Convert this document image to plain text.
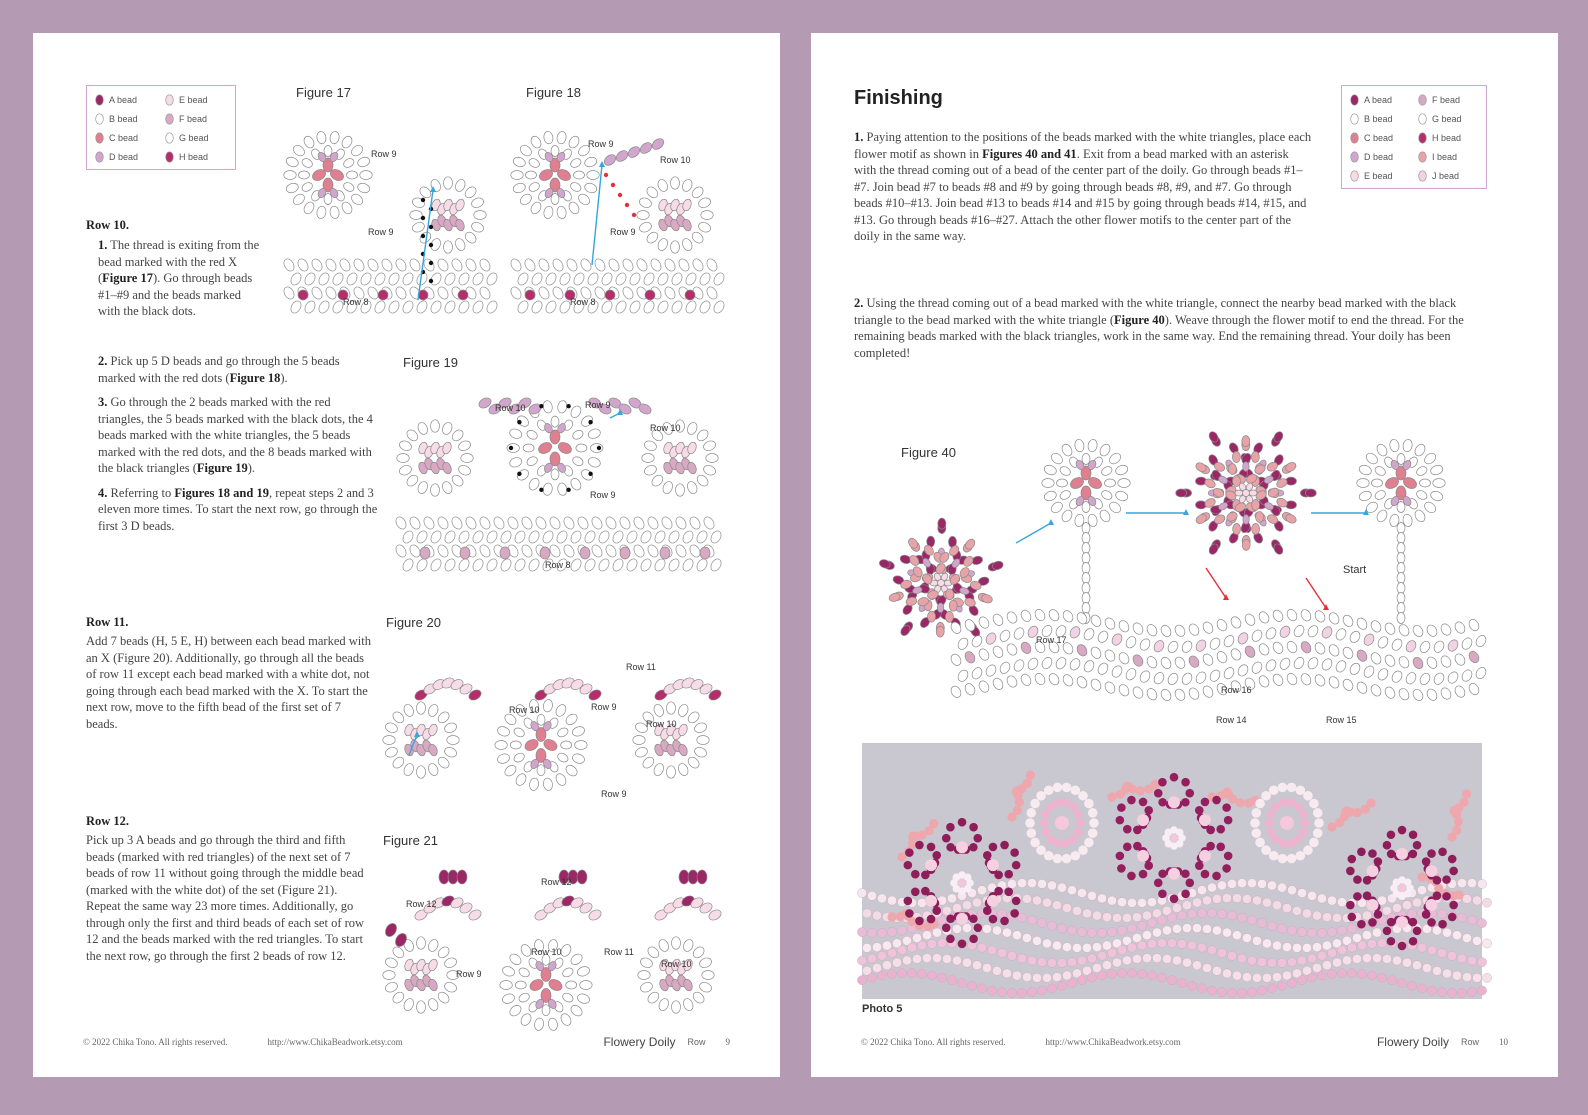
A bead	E bead
B bead	F bead
C bead	G bead
D bead	H bead
Figure 17
Row 9
Row 9
Row 8
Figure 18
Row 9
Row 10
Row 9
Row 8
Row 10.

1. The thread is exiting from the bead marked with the red X (Figure 17). Go through beads #1–#9 and the beads marked with the black dots.

2. Pick up 5 D beads and go through the 5 beads marked with the red dots (Figure 18).

3. Go through the 2 beads marked with the red triangles, the 5 beads marked with the black dots, the 4 beads marked with the white triangles, the 5 beads marked with the red dots, and the 8 beads marked with the black triangles (Figure 19).

4. Referring to Figures 18 and 19, repeat steps 2 and 3 eleven more times. To start the next row, go through the first 3 D beads.

Figure 19
Row 10	Row 9
Row 10
Row 9
Row 8
Row 11.
Add 7 beads (H, 5 E, H) between each bead marked with an X (Figure 20). Additionally, go through all the beads of row 11 except each bead marked with a white dot, not going through each bead marked with the X. To start the next row, move to the fifth bead of the first set of 7 beads.
Figure 20
Row 11
Row 10	Row 9
Row 10
Row 9
Row 12.
Pick up 3 A beads and go through the third and fifth beads (marked with red triangles) of the next set of 7 beads of row 11 without going through the middle bead (marked with the white dot) of the set (Figure 21). Repeat the same way 23 more times. Additionally, go through only the first and third beads of each set of row 12 and the beads marked with the red triangles. To start the next row, go through the first 2 beads of row 12.
Figure 21
Row 12
Row 12
Row 10	Row 11
Row 10
Row 9
© 2022 Chika Tono. All rights reserved.	http://www.ChikaBeadwork.etsy.com	Flowery Doily Row 9
Finishing	A bead	F bead
B bead	G bead
C bead	H bead
D bead	I bead
E bead	J bead

1. Paying attention to the positions of the beads marked with the white triangles, place each flower motif as shown in Figures 40 and 41. Exit from a bead marked with an asterisk with the thread coming out of a bead of the center part of the doily. Go through beads #1–#7. Join bead #7 to beads #8 and #9 by going through beads #8, #9, and #7. Go through beads #10–#13. Join bead #13 to beads #14 and #15 by going through beads #14, #15, and #13. Go through beads #16–#27. Attach the other flower motifs to the center part of the doily in the same way.

2. Using the thread coming out of a bead marked with the white triangle, connect the nearby bead marked with the black triangle to the bead marked with the white triangle (Figure 40). Weave through the flower motif to end the thread. For the remaining beads marked with the black triangles, work in the same way. End the remaining thread. Your doily has been completed!

Figure 40
Start
Row 17
Row 16
Row 15
Row 14
Photo 5
© 2022 Chika Tono. All rights reserved.	http://www.ChikaBeadwork.etsy.com	Flowery Doily Row 10
